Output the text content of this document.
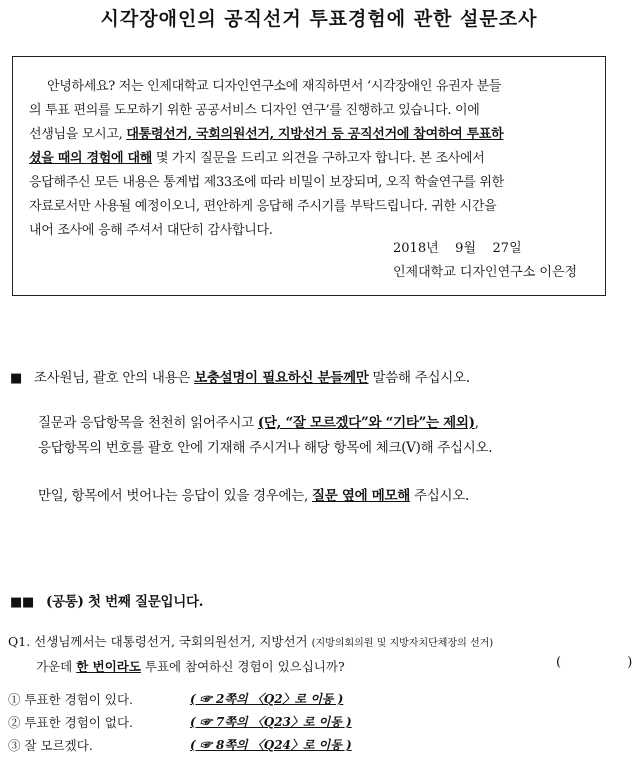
시각장애인의 공직선거 투표경험에 관한 설문조사
안녕하세요? 저는 인제대학교 디자인연구소에 재직하면서 ‘시각장애인 유권자 분들
의 투표 편의를 도모하기 위한 공공서비스 디자인 연구’를 진행하고 있습니다. 이에
선생님을 모시고, 대통령선거, 국회의원선거, 지방선거 등 공직선거에 참여하여 투표하
셨을 때의 경험에 대해 몇 가지 질문을 드리고 의견을 구하고자 합니다. 본 조사에서
응답해주신 모든 내용은 통계법 제33조에 따라 비밀이 보장되며, 오직 학술연구를 위한
자료로서만 사용될 예정이오니, 편안하게 응답해 주시기를 부탁드립니다. 귀한 시간을
내어 조사에 응해 주셔서 대단히 감사합니다.
2018년    9월    27일
인제대학교 디자인연구소 이은정
■ 조사원님, 괄호 안의 내용은 보충설명이 필요하신 분들께만 말씀해 주십시오.
질문과 응답항목을 천천히 읽어주시고 (단, “잘 모르겠다”와 “기타”는 제외),
응답항목의 번호를 괄호 안에 기재해 주시거나 해당 항목에 체크(V)해 주십시오.
만일, 항목에서 벗어나는 응답이 있을 경우에는, 질문 옆에 메모해 주십시오.
■■ (공통) 첫 번째 질문입니다.
Q1. 선생님께서는 대통령선거, 국회의원선거, 지방선거 (지방의회의원 및 지방자치단체장의 선거)
가운데 한 번이라도 투표에 참여하신 경험이 있으십니까?	(                )
① 투표한 경험이 있다.	( ☞ 2쪽의 〈Q2〉로 이동 )
② 투표한 경험이 없다.	( ☞ 7쪽의 〈Q23〉로 이동 )
③ 잘 모르겠다.	( ☞ 8쪽의 〈Q24〉로 이동 )
